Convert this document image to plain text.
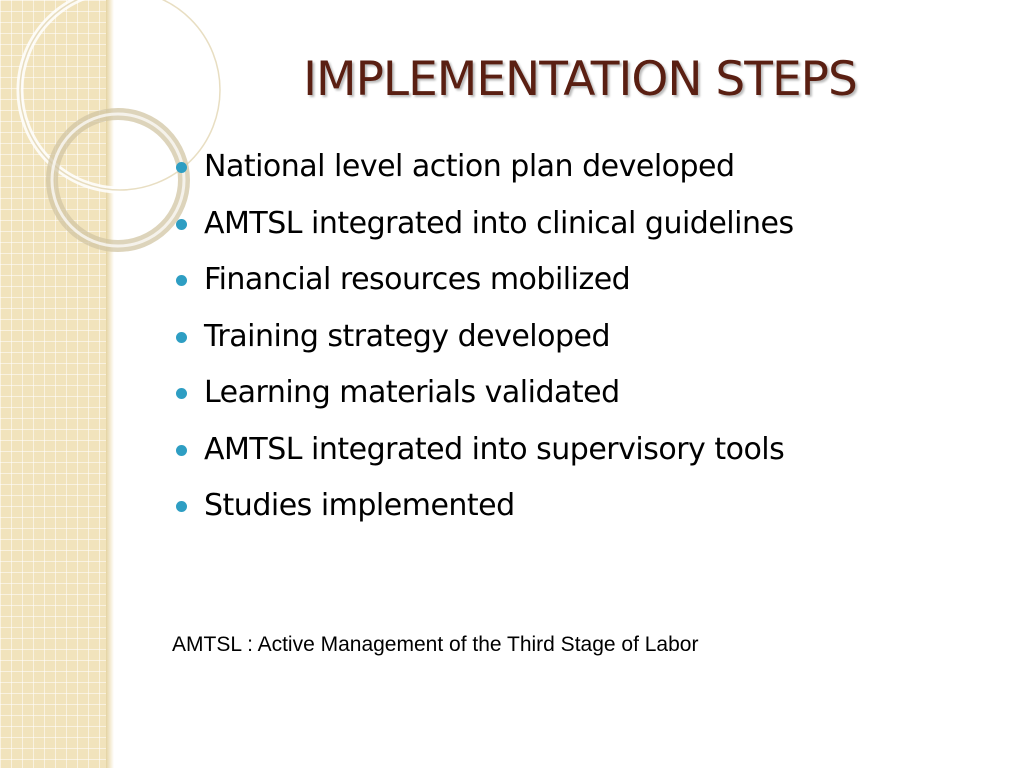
IMPLEMENTATION STEPS
National level action plan developed
AMTSL integrated into clinical guidelines
Financial resources mobilized
Training strategy developed
Learning materials validated
AMTSL integrated into supervisory tools
Studies implemented

AMTSL : Active Management of the Third Stage of Labor
